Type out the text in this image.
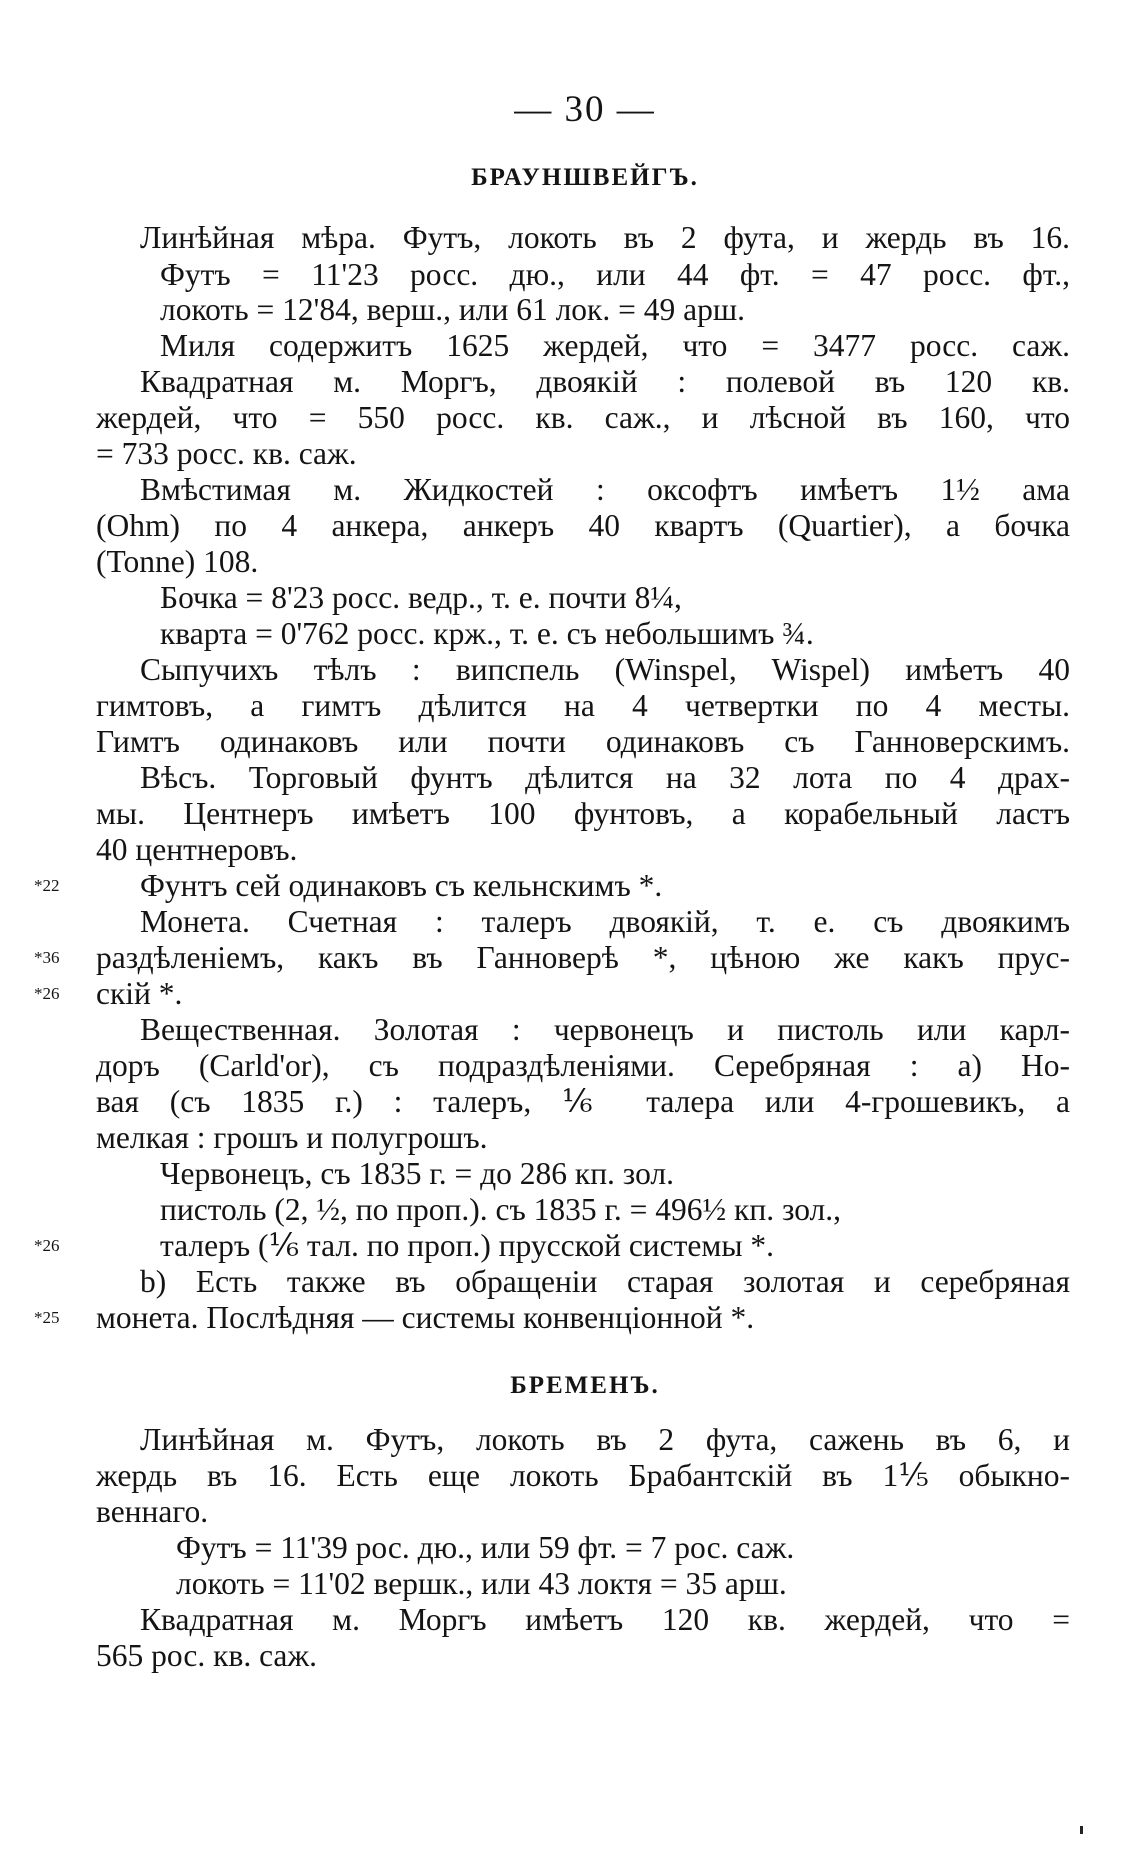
— 30 —
БРАУНШВЕЙГЪ.
Линѣйная мѣра. Футъ, локоть въ 2 фута, и жердь въ 16.
Футъ = 11'23 росс. дю., или 44 фт. = 47 росс. фт.,
локоть = 12'84, верш., или 61 лок. = 49 арш.
Миля содержитъ 1625 жердей, что = 3477 росс. саж.
Квадратная м. Моргъ, двоякій : полевой въ 120 кв.
жердей, что = 550 росс. кв. саж., и лѣсной въ 160, что
= 733 росс. кв. саж.
Вмѣстимая м. Жидкостей : оксофтъ имѣетъ 1½ ама
(Ohm) по 4 анкера, анкеръ 40 квартъ (Quartier), а бочка
(Tonne) 108.
Бочка = 8'23 росс. ведр., т. е. почти 8¼,
кварта = 0'762 росс. крж., т. е. съ небольшимъ ¾.
Сыпучихъ тѣлъ : випспель (Winspel, Wispel) имѣетъ 40
гимтовъ, а гимтъ дѣлится на 4 четвертки по 4 месты.
Гимтъ одинаковъ или почти одинаковъ съ Ганноверскимъ.
Вѣсъ. Торговый фунтъ дѣлится на 32 лота по 4 драх-
мы. Центнеръ имѣетъ 100 фунтовъ, а корабельный ластъ
40 центнеровъ.
*22	Фунтъ сей одинаковъ съ кельнскимъ *.
Монета. Счетная : талеръ двоякій, т. е. съ двоякимъ
*36 раздѣленіемъ, какъ въ Ганноверѣ *, цѣною же какъ прус-
*26 скій *.
Вещественная. Золотая : червонецъ и пистоль или карл-
доръ (Carld'or), съ подраздѣленіями. Серебряная : а) Но-
вая (съ 1835 г.) : талеръ, ⅙ талера или 4-грошевикъ, а
мелкая : грошъ и полугрошъ.
Червонецъ, съ 1835 г. = до 286 кп. зол.
пистоль (2, ½, по проп.). съ 1835 г. = 496½ кп. зол.,
*26	талеръ (⅙ тал. по проп.) прусской системы *.
b) Есть также въ обращеніи старая золотая и серебряная
*25 монета. Послѣдняя — системы конвенціонной *.
БРЕМЕНЪ.
Линѣйная м. Футъ, локоть въ 2 фута, сажень въ 6, и
жердь въ 16. Есть еще локоть Брабантскій въ 1⅕ обыкно-
веннаго.
Футъ = 11'39 рос. дю., или 59 фт. = 7 рос. саж.
локоть = 11'02 вершк., или 43 локтя = 35 арш.
Квадратная м. Моргъ имѣетъ 120 кв. жердей, что =
565 рос. кв. саж.
